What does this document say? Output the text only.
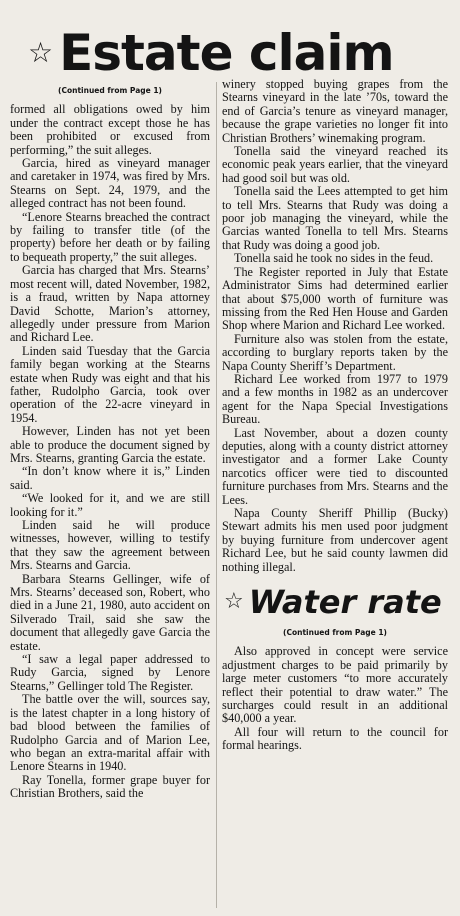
☆ Estate claim
(Continued from Page 1)

formed all obligations owed by him under the contract except those he has been prohibited or excused from performing,” the suit alleges.

Garcia, hired as vineyard manager and caretaker in 1974, was fired by Mrs. Stearns on Sept. 24, 1979, and the alleged contract has not been found.

“Lenore Stearns breached the contract by failing to transfer title (of the property) before her death or by failing to bequeath property,” the suit alleges.

Garcia has charged that Mrs. Stearns’ most recent will, dated November, 1982, is a fraud, written by Napa attorney David Schotte, Marion’s attorney, allegedly under pressure from Marion and Richard Lee.

Linden said Tuesday that the Garcia family began working at the Stearns estate when Rudy was eight and that his father, Rudolpho Garcia, took over operation of the 22-acre vineyard in 1954.

However, Linden has not yet been able to produce the document signed by Mrs. Stearns, granting Garcia the estate.

“In don’t know where it is,” Linden said.

“We looked for it, and we are still looking for it.”

Linden said he will produce witnesses, however, willing to testify that they saw the agreement between Mrs. Stearns and Garcia.

Barbara Stearns Gellinger, wife of Mrs. Stearns’ deceased son, Robert, who died in a June 21, 1980, auto accident on Silverado Trail, said she saw the document that allegedly gave Garcia the estate.

“I saw a legal paper addressed to Rudy Garcia, signed by Lenore Stearns,” Gellinger told The Register.

The battle over the will, sources say, is the latest chapter in a long history of bad blood between the families of Rudolpho Garcia and of Marion Lee, who began an extra-marital affair with Lenore Stearns in 1940.

Ray Tonella, former grape buyer for Christian Brothers, said the

winery stopped buying grapes from the Stearns vineyard in the late ’70s, toward the end of Garcia’s tenure as vineyard manager, because the grape varieties no longer fit into Christian Brothers’ winemaking program.

Tonella said the vineyard reached its economic peak years earlier, that the vineyard had good soil but was old.

Tonella said the Lees attempted to get him to tell Mrs. Stearns that Rudy was doing a poor job managing the vineyard, while the Garcias wanted Tonella to tell Mrs. Stearns that Rudy was doing a good job.

Tonella said he took no sides in the feud.

The Register reported in July that Estate Administrator Sims had determined earlier that about $75,000 worth of furniture was missing from the Red Hen House and Garden Shop where Marion and Richard Lee worked.

Furniture also was stolen from the estate, according to burglary reports taken by the Napa County Sheriff’s Department.

Richard Lee worked from 1977 to 1979 and a few months in 1982 as an undercover agent for the Napa Special Investigations Bureau.

Last November, about a dozen county deputies, along with a county district attorney investigator and a former Lake County narcotics officer were tied to discounted furniture purchases from Mrs. Stearns and the Lees.

Napa County Sheriff Phillip (Bucky) Stewart admits his men used poor judgment by buying furniture from undercover agent Richard Lee, but he said county lawmen did nothing illegal.

☆ Water rate
(Continued from Page 1)

Also approved in concept were service adjustment charges to be paid primarily by large meter customers “to more accurately reflect their potential to draw water.” The surcharges could result in an additional $40,000 a year.

All four will return to the council for formal hearings.
